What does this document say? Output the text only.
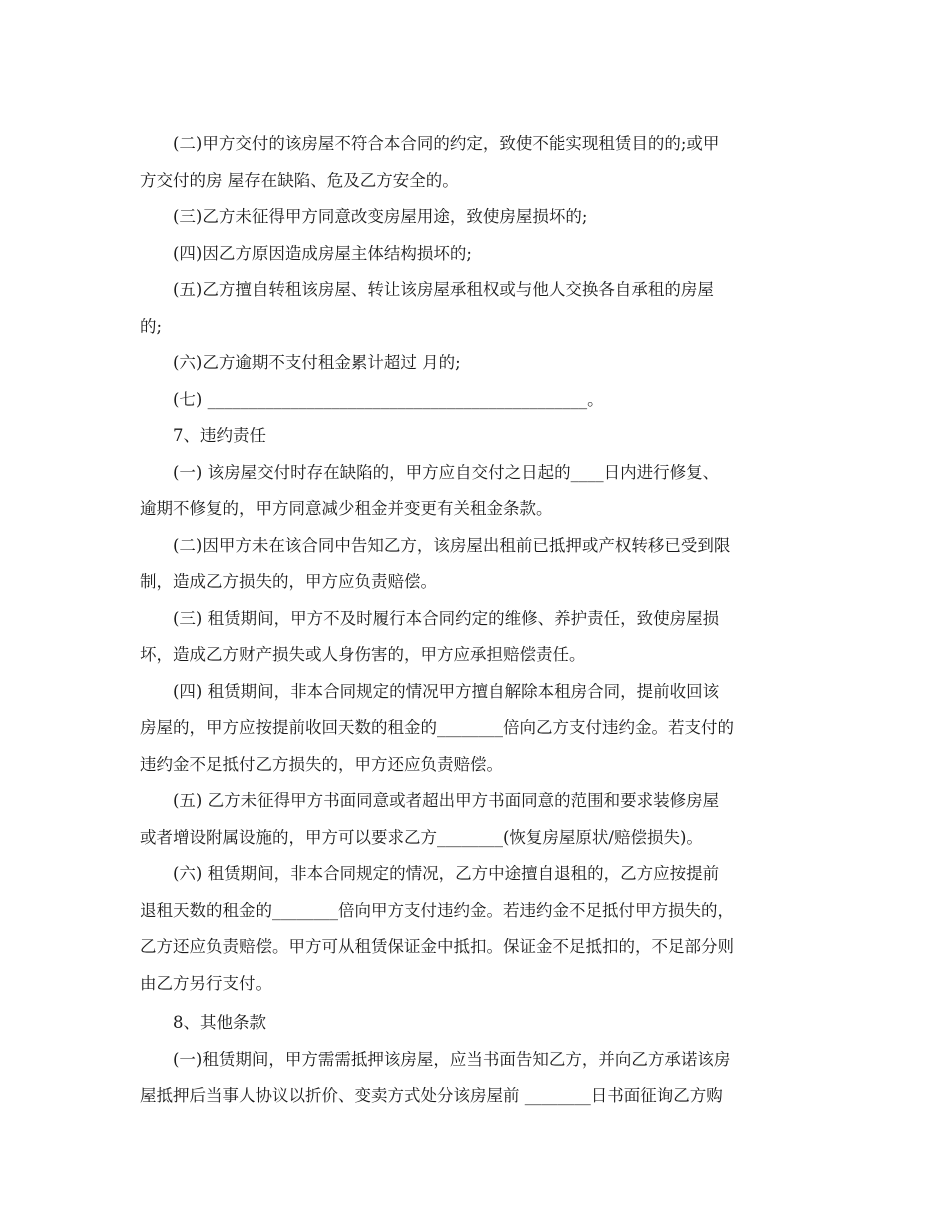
(二)甲方交付的该房屋不符合本合同的约定，致使不能实现租赁目的的;或甲
方交付的房 屋存在缺陷、危及乙方安全的。
(三)乙方未征得甲方同意改变房屋用途，致使房屋损坏的;
(四)因乙方原因造成房屋主体结构损坏的;
(五)乙方擅自转租该房屋、转让该房屋承租权或与他人交换各自承租的房屋
的;
(六)乙方逾期不支付租金累计超过 月的;
(七) ______________________________________________。
7、违约责任
(一) 该房屋交付时存在缺陷的，甲方应自交付之日起的____日内进行修复、
逾期不修复的，甲方同意减少租金并变更有关租金条款。
(二)因甲方未在该合同中告知乙方，该房屋出租前已抵押或产权转移已受到限
制，造成乙方损失的，甲方应负责赔偿。
(三) 租赁期间，甲方不及时履行本合同约定的维修、养护责任，致使房屋损
坏，造成乙方财产损失或人身伤害的，甲方应承担赔偿责任。
(四) 租赁期间，非本合同规定的情况甲方擅自解除本租房合同，提前收回该
房屋的，甲方应按提前收回天数的租金的________倍向乙方支付违约金。若支付的
违约金不足抵付乙方损失的，甲方还应负责赔偿。
(五) 乙方未征得甲方书面同意或者超出甲方书面同意的范围和要求装修房屋
或者增设附属设施的，甲方可以要求乙方________(恢复房屋原状/赔偿损失)。
(六) 租赁期间，非本合同规定的情况，乙方中途擅自退租的，乙方应按提前
退租天数的租金的________倍向甲方支付违约金。若违约金不足抵付甲方损失的，
乙方还应负责赔偿。甲方可从租赁保证金中抵扣。保证金不足抵扣的，不足部分则
由乙方另行支付。
8、其他条款
(一)租赁期间，甲方需需抵押该房屋，应当书面告知乙方，并向乙方承诺该房
屋抵押后当事人协议以折价、变卖方式处分该房屋前 ________日书面征询乙方购
